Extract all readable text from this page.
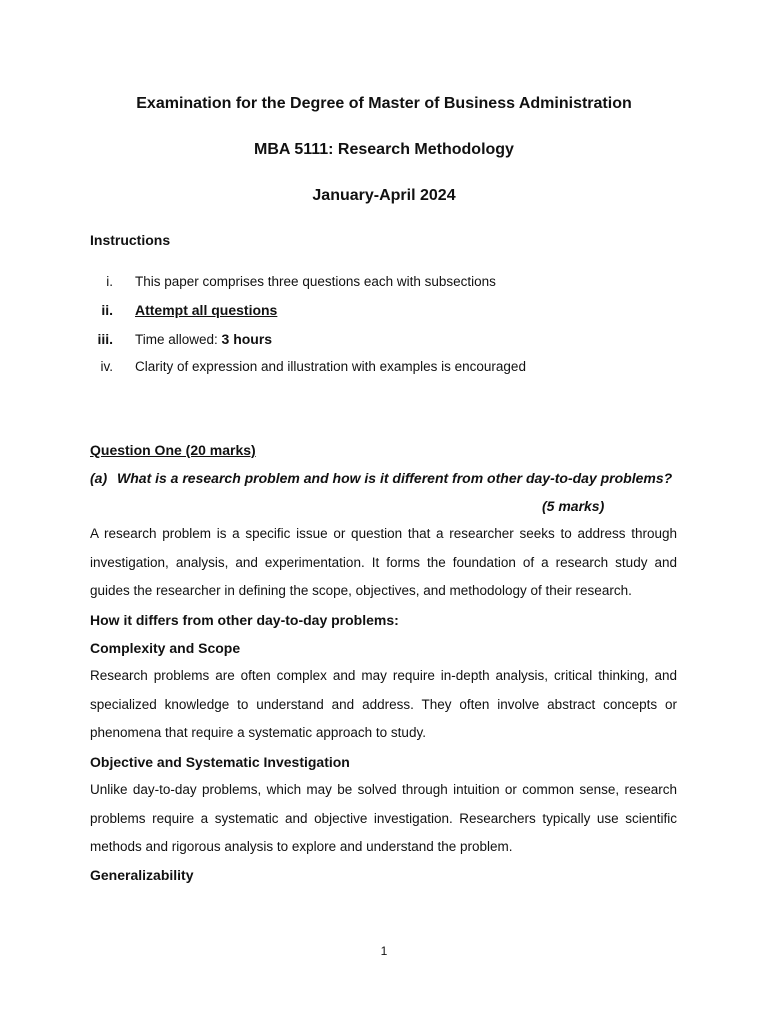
Examination for the Degree of Master of Business Administration
MBA 5111: Research Methodology
January-April 2024
Instructions
i. This paper comprises three questions each with subsections
ii. Attempt all questions
iii. Time allowed: 3 hours
iv. Clarity of expression and illustration with examples is encouraged
Question One (20 marks)
(a) What is a research problem and how is it different from other day-to-day problems?
(5 marks)
A research problem is a specific issue or question that a researcher seeks to address through investigation, analysis, and experimentation. It forms the foundation of a research study and guides the researcher in defining the scope, objectives, and methodology of their research.
How it differs from other day-to-day problems:
Complexity and Scope
Research problems are often complex and may require in-depth analysis, critical thinking, and specialized knowledge to understand and address. They often involve abstract concepts or phenomena that require a systematic approach to study.
Objective and Systematic Investigation
Unlike day-to-day problems, which may be solved through intuition or common sense, research problems require a systematic and objective investigation. Researchers typically use scientific methods and rigorous analysis to explore and understand the problem.
Generalizability
1
